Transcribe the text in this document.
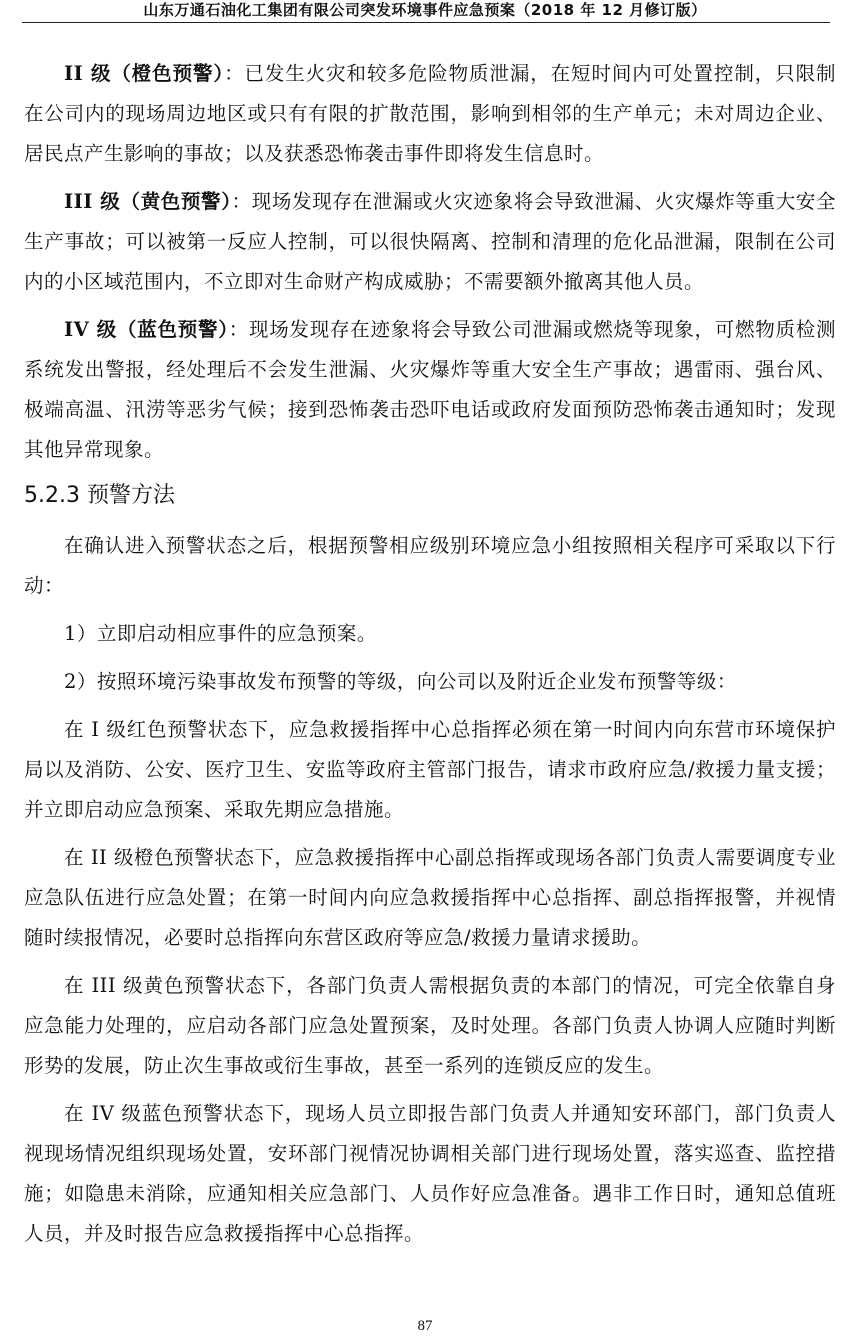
山东万通石油化工集团有限公司突发环境事件应急预案（2018 年 12 月修订版）

II 级（橙色预警）：已发生火灾和较多危险物质泄漏，在短时间内可处置控制，只限制在公司内的现场周边地区或只有有限的扩散范围，影响到相邻的生产单元；未对周边企业、居民点产生影响的事故；以及获悉恐怖袭击事件即将发生信息时。

III 级（黄色预警）：现场发现存在泄漏或火灾迹象将会导致泄漏、火灾爆炸等重大安全生产事故；可以被第一反应人控制，可以很快隔离、控制和清理的危化品泄漏，限制在公司内的小区域范围内，不立即对生命财产构成威胁；不需要额外撤离其他人员。

IV 级（蓝色预警）：现场发现存在迹象将会导致公司泄漏或燃烧等现象，可燃物质检测系统发出警报，经处理后不会发生泄漏、火灾爆炸等重大安全生产事故；遇雷雨、强台风、极端高温、汛涝等恶劣气候；接到恐怖袭击恐吓电话或政府发面预防恐怖袭击通知时；发现其他异常现象。

5.2.3 预警方法

在确认进入预警状态之后，根据预警相应级别环境应急小组按照相关程序可采取以下行动：

1）立即启动相应事件的应急预案。

2）按照环境污染事故发布预警的等级，向公司以及附近企业发布预警等级：

在 I 级红色预警状态下，应急救援指挥中心总指挥必须在第一时间内向东营市环境保护局以及消防、公安、医疗卫生、安监等政府主管部门报告，请求市政府应急/救援力量支援；并立即启动应急预案、采取先期应急措施。

在 II 级橙色预警状态下，应急救援指挥中心副总指挥或现场各部门负责人需要调度专业应急队伍进行应急处置；在第一时间内向应急救援指挥中心总指挥、副总指挥报警，并视情随时续报情况，必要时总指挥向东营区政府等应急/救援力量请求援助。

在 III 级黄色预警状态下，各部门负责人需根据负责的本部门的情况，可完全依靠自身应急能力处理的，应启动各部门应急处置预案，及时处理。各部门负责人协调人应随时判断形势的发展，防止次生事故或衍生事故，甚至一系列的连锁反应的发生。

在 IV 级蓝色预警状态下，现场人员立即报告部门负责人并通知安环部门，部门负责人视现场情况组织现场处置，安环部门视情况协调相关部门进行现场处置，落实巡查、监控措施；如隐患未消除，应通知相关应急部门、人员作好应急准备。遇非工作日时，通知总值班人员，并及时报告应急救援指挥中心总指挥。

87
